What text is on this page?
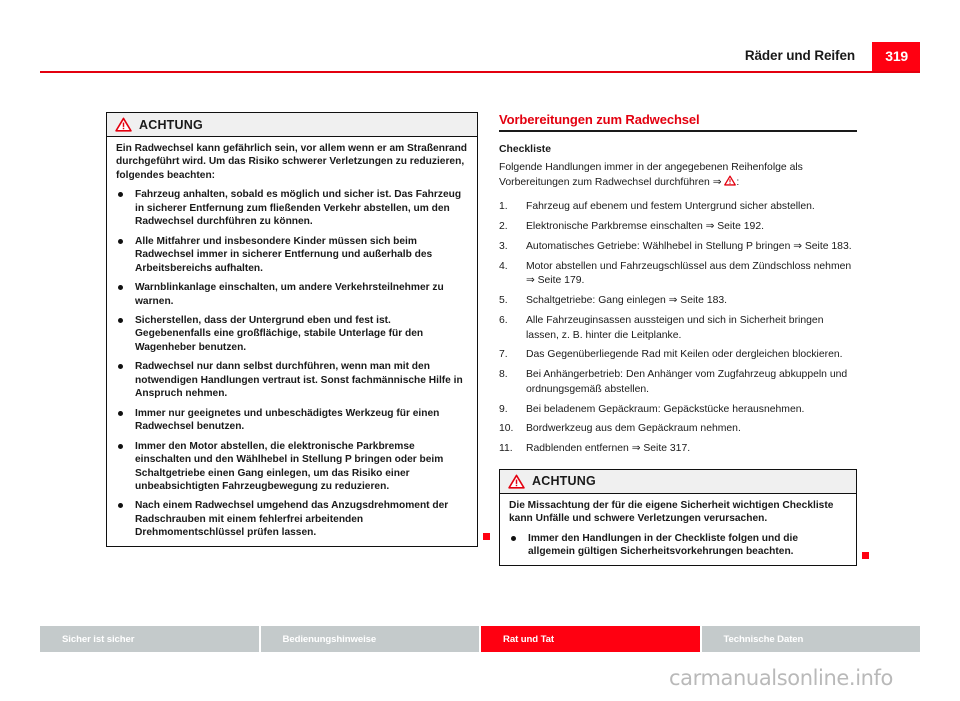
Räder und Reifen 319
ACHTUNG

Ein Radwechsel kann gefährlich sein, vor allem wenn er am Straßenrand durchgeführt wird. Um das Risiko schwerer Verletzungen zu reduzieren, folgendes beachten:

Fahrzeug anhalten, sobald es möglich und sicher ist. Das Fahrzeug in sicherer Entfernung zum fließenden Verkehr abstellen, um den Radwechsel durchführen zu können.

Alle Mitfahrer und insbesondere Kinder müssen sich beim Radwechsel immer in sicherer Entfernung und außerhalb des Arbeitsbereichs aufhalten.

Warnblinkanlage einschalten, um andere Verkehrsteilnehmer zu warnen.

Sicherstellen, dass der Untergrund eben und fest ist. Gegebenenfalls eine großflächige, stabile Unterlage für den Wagenheber benutzen.

Radwechsel nur dann selbst durchführen, wenn man mit den notwendigen Handlungen vertraut ist. Sonst fachmännische Hilfe in Anspruch nehmen.

Immer nur geeignetes und unbeschädigtes Werkzeug für einen Radwechsel benutzen.

Immer den Motor abstellen, die elektronische Parkbremse einschalten und den Wählhebel in Stellung P bringen oder beim Schaltgetriebe einen Gang einlegen, um das Risiko einer unbeabsichtigten Fahrzeugbewegung zu reduzieren.

Nach einem Radwechsel umgehend das Anzugsdrehmoment der Radschrauben mit einem fehlerfrei arbeitenden Drehmomentschlüssel prüfen lassen.

Vorbereitungen zum Radwechsel
Checkliste

Folgende Handlungen immer in der angegebenen Reihenfolge als Vorbereitungen zum Radwechsel durchführen ⇒ :

1.	Fahrzeug auf ebenem und festem Untergrund sicher abstellen.
2.	Elektronische Parkbremse einschalten ⇒ Seite 192.
3.	Automatisches Getriebe: Wählhebel in Stellung P bringen ⇒ Seite 183.
4.	Motor abstellen und Fahrzeugschlüssel aus dem Zündschloss nehmen ⇒ Seite 179.
5.	Schaltgetriebe: Gang einlegen ⇒ Seite 183.
6.	Alle Fahrzeuginsassen aussteigen und sich in Sicherheit bringen lassen, z. B. hinter die Leitplanke.
7.	Das Gegenüberliegende Rad mit Keilen oder dergleichen blockieren.
8.	Bei Anhängerbetrieb: Den Anhänger vom Zugfahrzeug abkuppeln und ordnungsgemäß abstellen.
9.	Bei beladenem Gepäckraum: Gepäckstücke herausnehmen.
10.	Bordwerkzeug aus dem Gepäckraum nehmen.
11.	Radblenden entfernen ⇒ Seite 317.
ACHTUNG

Die Missachtung der für die eigene Sicherheit wichtigen Checkliste kann Unfälle und schwere Verletzungen verursachen.

Immer den Handlungen in der Checkliste folgen und die allgemein gültigen Sicherheitsvorkehrungen beachten.

Sicher ist sicher	Bedienungshinweise	Rat und Tat	Technische Daten
carmanualsonline.info
